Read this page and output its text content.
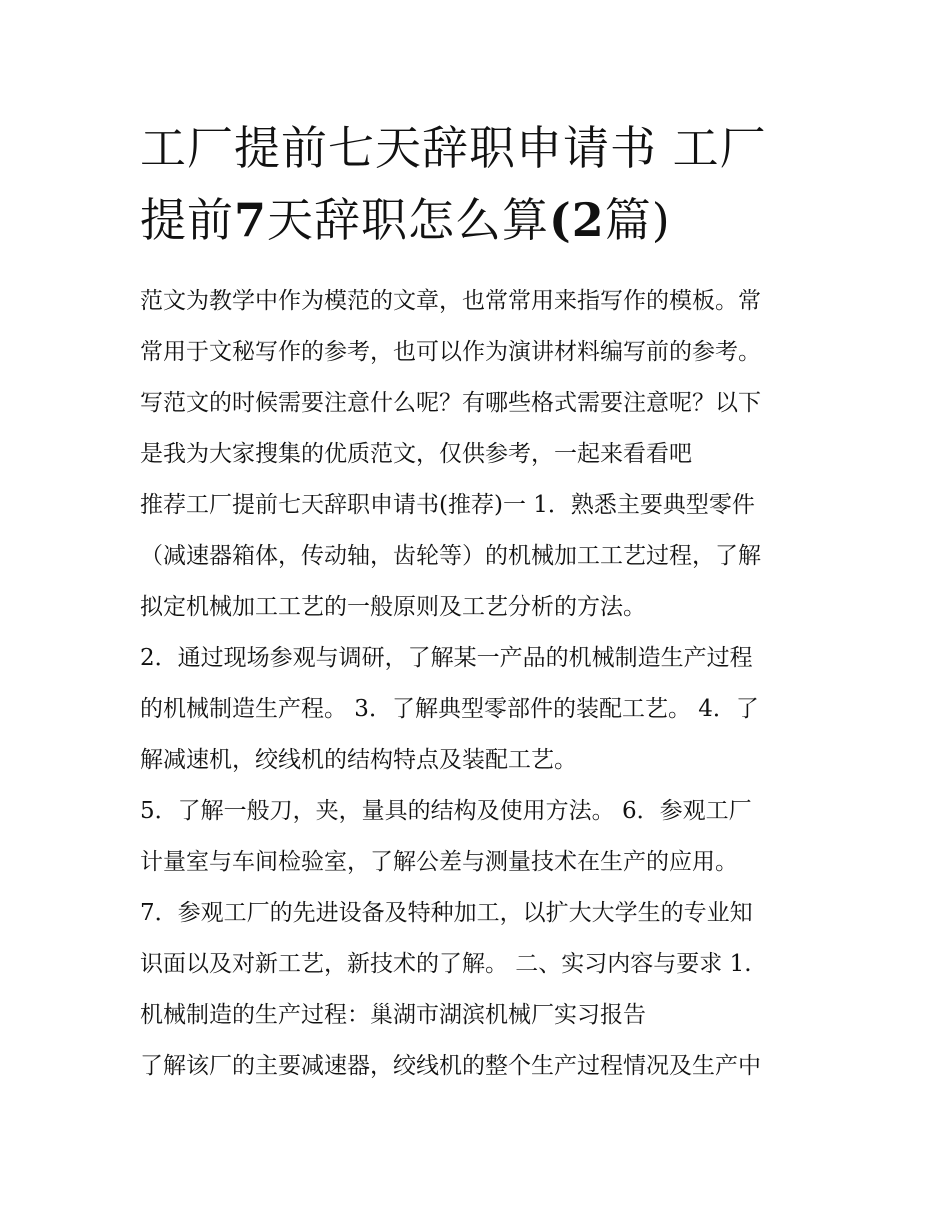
工厂提前七天辞职申请书 工厂
提前7天辞职怎么算(2篇)
范文为教学中作为模范的文章，也常常用来指写作的模板。常
常用于文秘写作的参考，也可以作为演讲材料编写前的参考。
写范文的时候需要注意什么呢？有哪些格式需要注意呢？以下
是我为大家搜集的优质范文，仅供参考，一起来看看吧
推荐工厂提前七天辞职申请书(推荐)一 1．熟悉主要典型零件
（减速器箱体，传动轴，齿轮等）的机械加工工艺过程，了解
拟定机械加工工艺的一般原则及工艺分析的方法。
2．通过现场参观与调研，了解某一产品的机械制造生产过程
的机械制造生产程。 3．了解典型零部件的装配工艺。 4．了
解减速机，绞线机的结构特点及装配工艺。
5．了解一般刀，夹，量具的结构及使用方法。 6．参观工厂
计量室与车间检验室，了解公差与测量技术在生产的应用。
7．参观工厂的先进设备及特种加工，以扩大大学生的专业知
识面以及对新工艺，新技术的了解。 二、实习内容与要求 1.
机械制造的生产过程：巢湖市湖滨机械厂实习报告
了解该厂的主要减速器，绞线机的整个生产过程情况及生产中
